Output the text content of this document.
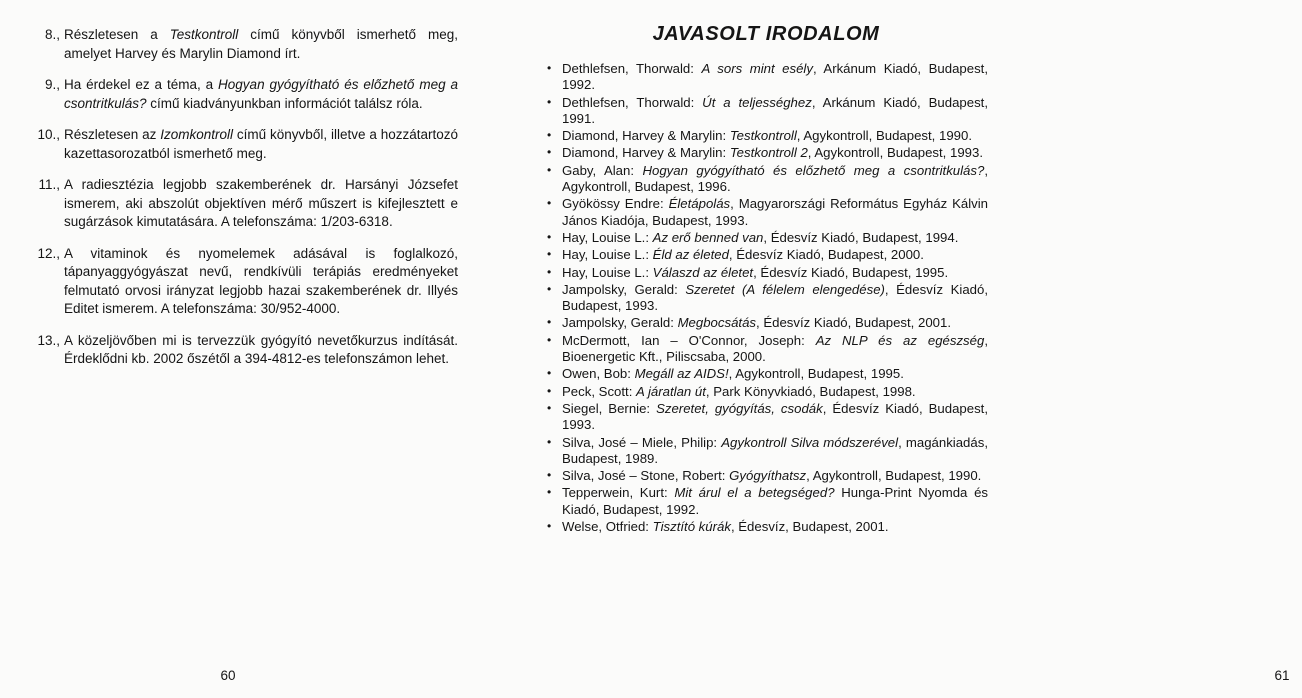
8., Részletesen a Testkontroll című könyvből ismerhető meg, amelyet Harvey és Marylin Diamond írt.
9., Ha érdekel ez a téma, a Hogyan gyógyítható és előzhető meg a csontritkulás? című kiadványunkban információt találsz róla.
10., Részletesen az Izomkontroll című könyvből, illetve a hozzátartozó kazettasorozatból ismerhető meg.
11., A radiesztézia legjobb szakemberének dr. Harsányi Józsefet ismerem, aki abszolút objektíven mérő műszert is kifejlesztett e sugárzások kimutatására. A telefonszáma: 1/203-6318.
12., A vitaminok és nyomelemek adásával is foglalkozó, tápanyaggyógyászat nevű, rendkívüli terápiás eredményeket felmutató orvosi irányzat legjobb hazai szakemberének dr. Illyés Editet ismerem. A telefonszáma: 30/952-4000.
13., A közeljövőben mi is tervezzük gyógyító nevetőkurzus indítását. Érdeklődni kb. 2002 őszétől a 394-4812-es telefonszámon lehet.
60
JAVASOLT IRODALOM
• Dethlefsen, Thorwald: A sors mint esély, Arkánum Kiadó, Budapest, 1992.
• Dethlefsen, Thorwald: Út a teljességhez, Arkánum Kiadó, Budapest, 1991.
• Diamond, Harvey & Marylin: Testkontroll, Agykontroll, Budapest, 1990.
• Diamond, Harvey & Marylin: Testkontroll 2, Agykontroll, Budapest, 1993.
• Gaby, Alan: Hogyan gyógyítható és előzhető meg a csontritkulás?, Agykontroll, Budapest, 1996.
• Gyökössy Endre: Életápolás, Magyarországi Református Egyház Kálvin János Kiadója, Budapest, 1993.
• Hay, Louise L.: Az erő benned van, Édesvíz Kiadó, Budapest, 1994.
• Hay, Louise L.: Éld az életed, Édesvíz Kiadó, Budapest, 2000.
• Hay, Louise L.: Válaszd az életet, Édesvíz Kiadó, Budapest, 1995.
• Jampolsky, Gerald: Szeretet (A félelem elengedése), Édesvíz Kiadó, Budapest, 1993.
• Jampolsky, Gerald: Megbocsátás, Édesvíz Kiadó, Budapest, 2001.
• McDermott, Ian – O'Connor, Joseph: Az NLP és az egészség, Bioenergetic Kft., Piliscsaba, 2000.
• Owen, Bob: Megáll az AIDS!, Agykontroll, Budapest, 1995.
• Peck, Scott: A járatlan út, Park Könyvkiadó, Budapest, 1998.
• Siegel, Bernie: Szeretet, gyógyítás, csodák, Édesvíz Kiadó, Budapest, 1993.
• Silva, José – Miele, Philip: Agykontroll Silva módszerével, magánkiadás, Budapest, 1989.
• Silva, José – Stone, Robert: Gyógyíthatsz, Agykontroll, Budapest, 1990.
• Tepperwein, Kurt: Mit árul el a betegséged? Hunga-Print Nyomda és Kiadó, Budapest, 1992.
• Welse, Otfried: Tisztító kúrák, Édesvíz, Budapest, 2001.
61
